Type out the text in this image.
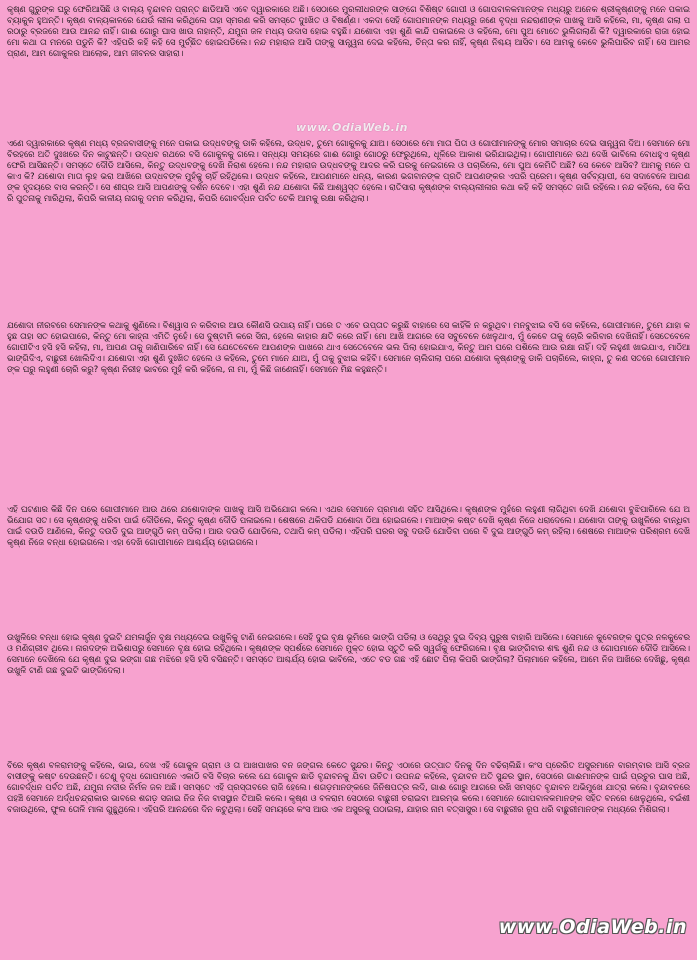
କୃଷ୍ଣ ଗୁରୁଙ୍କ ଘରୁ ଫେରିଆସିଛି ଓ ବାଲ୍ୟ ବୃନ୍ଦାବନ ପ୍ରାନ୍ତ ଛାଡିଆସି ଏବେ ଦ୍ୱାରକାରେ ଅଛି। ସେଠାରେ ମୁରଲୀଧରଙ୍କ ସାଙ୍ଗେ ବିଶିଷ୍ଟ ଗୋପୀ ଓ ଗୋପବାଳକମାନଙ୍କ ମଧ୍ୟରୁ ଅନେକ ଶ୍ରୀକୃଷ୍ଣଙ୍କୁ ମନେ ପକାଇ ବ୍ୟାକୁଳ ହୁଅନ୍ତି। କୃଷ୍ଣ ବାଳ୍ୟକାଳରେ ଯେଉଁ ଲୀଳା କରିଥିଲେ ତାହା ସ୍ମରଣ କରି ସମସ୍ତେ ଦୁଃଖିତ ଓ ବିଷର୍ଣ୍ଣ। ଏକଦା ସେହି ଗୋପମାନଙ୍କ ମଧ୍ୟରୁ ଜଣେ ବୃଦ୍ଧା ନନ୍ଦରାଣୀଙ୍କ ପାଖକୁ ଆସି କହିଲେ, ମା, କୃଷ୍ଣ ଗଲା ପରଠାରୁ ବ୍ରଜରେ ଆଉ ଆନନ୍ଦ ନାହିଁ। ଗାଈ ଗୋରୁ ଘାସ ଖାଉ ନାହାନ୍ତି, ଯମୁନା ଜଳ ମଧ୍ୟ ଉଦାସ ହୋଇ ବହୁଛି। ଯଶୋଦା ଏହା ଶୁଣି କାନ୍ଦି ପକାଇଲେ ଓ କହିଲେ, ମୋ ପୁଅ ମୋତେ ଭୁଲିଗଲାଣି କି? ଦ୍ୱାରକାରେ ରାଜା ହୋଇ ମୋ କଥା ତା ମନରେ ପଡୁନି କି? ଏହିପରି କହି କହି ସେ ମୁର୍ଚ୍ଛିତ ହୋଇପଡିଲେ। ନନ୍ଦ ମହାରାଜ ଆସି ତାଙ୍କୁ ସାନ୍ତ୍ୱନା ଦେଇ କହିଲେ, ଚିନ୍ତା କର ନାହିଁ, କୃଷ୍ଣ ନିଶ୍ଚୟ ଆସିବ। ସେ ଆମକୁ କେବେ ଭୁଲିପାରିବ ନାହିଁ। ସେ ଆମର ପ୍ରାଣ, ଆମ ଗୋକୁଳର ଆଲୋକ, ଆମ ଜୀବନର ସାହାରା।

ଏଣେ ଦ୍ୱାରକାରେ କୃଷ୍ଣ ମଧ୍ୟ ବ୍ରଜବାସୀଙ୍କୁ ମନେ ପକାଇ ଉଦ୍ଧବଙ୍କୁ ଡାକି କହିଲେ, ଉଦ୍ଧବ, ତୁମେ ଗୋକୁଳକୁ ଯାଅ। ସେଠାରେ ମୋ ମାତା ପିତା ଓ ଗୋପୀମାନଙ୍କୁ ମୋର ସମାଚାର ଦେଇ ସାନ୍ତ୍ୱନା ଦିଅ। ସେମାନେ ମୋ ବିରହରେ ଅତି ଦୁଃଖରେ ଦିନ କାଟୁଛନ୍ତି। ଉଦ୍ଧବ ରଥରେ ବସି ଗୋକୁଳକୁ ଗଲେ। ସନ୍ଧ୍ୟା ସମୟରେ ଗାଈ ଗୋରୁ ଗୋଠରୁ ଫେରୁଥିଲେ, ଧୂଳିରେ ଆକାଶ ଭରିଯାଇଥିଲା। ଗୋପୀମାନେ ରଥ ଦେଖି ଭାବିଲେ ବୋଧହୁଏ କୃଷ୍ଣ ଫେରି ଆସିଛନ୍ତି। ସମସ୍ତେ ଦୌଡି ଆସିଲେ, କିନ୍ତୁ ଉଦ୍ଧବଙ୍କୁ ଦେଖି ନିରାଶ ହେଲେ। ନନ୍ଦ ମହାରାଜ ଉଦ୍ଧବଙ୍କୁ ଆଦର କରି ଘରକୁ ନେଇଗଲେ ଓ ପଚାରିଲେ, ମୋ ପୁଅ କେମିତି ଅଛି? ସେ କେବେ ଆସିବ? ଆମକୁ ମନେ ପକାଏ କି? ଯଶୋଦା ମାତା ଲୁହ ଭରା ଆଖିରେ ଉଦ୍ଧବଙ୍କ ମୁହଁକୁ ଚାହିଁ ରହିଥିଲେ। ଉଦ୍ଧବ କହିଲେ, ଆପଣମାନେ ଧନ୍ୟ, କାରଣ ଭଗବାନଙ୍କ ପ୍ରତି ଆପଣଙ୍କର ଏପରି ପ୍ରେମ। କୃଷ୍ଣ ସର୍ବବ୍ୟାପୀ, ସେ ସଦାବେଳେ ଆପଣଙ୍କ ହୃଦୟରେ ବାସ କରନ୍ତି। ସେ ଶୀଘ୍ର ଆସି ଆପଣଙ୍କୁ ଦର୍ଶନ ଦେବେ। ଏହା ଶୁଣି ନନ୍ଦ ଯଶୋଦା କିଛି ଆଶ୍ୱସ୍ତ ହେଲେ। ରାତିସାରା କୃଷ୍ଣଙ୍କ ବାଲ୍ୟଲୀଳାର କଥା କହି କହି ସମସ୍ତେ ଜାଗି ରହିଲେ। ନନ୍ଦ କହିଲେ, ସେ କିପରି ପୁତନାକୁ ମାରିଥିଲା, କିପରି କାଳୀୟ ନାଗକୁ ଦମନ କରିଥିଲା, କିପରି ଗୋବର୍ଦ୍ଧନ ପର୍ବତ ଟେକି ଆମକୁ ରକ୍ଷା କରିଥିଲା।

ଯଶୋଦା ନୀରବରେ ସେମାନଙ୍କ କଥାକୁ ଶୁଣିଲେ। ବିଶ୍ୱାସ ନ କରିବାର ଆଉ କୌଣସି ଉପାୟ ନାହିଁ। ଘରେ ତ ଏବେ ଉପ୍ତାତ କରୁଛି ବାହାରେ ସେ କାହିଁକି ନ କରୁଥିବ। ମନବୁଝାଇ ବସି ସେ କହିଲେ, ଗୋପୀମାନେ, ତୁମେ ଯାହା କହୁଛ ତାହା ସତ ହୋଇପାରେ, କିନ୍ତୁ ମୋ କାହ୍ନା ଏମିତି ନୁହେଁ। ସେ ଦୁଷ୍ଟାମି କରେ ସିନା, ହେଲେ କାହାର କ୍ଷତି କରେ ନାହିଁ। ମୋ ଆଖି ଆଗରେ ସେ ସବୁବେଳେ ଖେଳୁଥାଏ, ମୁଁ କେବେ ତାକୁ ଚୋରି କରିବାର ଦେଖିନାହିଁ। ସେତେବେଳେ ଗୋପୀଟିଏ ହସି ହସି କହିଲା, ମା, ଆପଣ ତାକୁ ଜାଣିପାରିବେ ନାହିଁ। ସେ ଯେତେବେଳେ ଆପଣଙ୍କ ପାଖରେ ଥାଏ ସେତେବେଳେ ଭଲ ପିଲା ହୋଇଯାଏ, କିନ୍ତୁ ଆମ ଘରେ ପଶିଲେ ଆଉ ରକ୍ଷା ନାହିଁ। ଦହି ଲହୁଣୀ ଖାଇଯାଏ, ମାଠିଆ ଭାଙ୍ଗିଦିଏ, ବାଛୁରୀ ଖୋଲିଦିଏ। ଯଶୋଦା ଏହା ଶୁଣି ଦୁଃଖିତ ହେଲେ ଓ କହିଲେ, ତୁମେ ମାନେ ଯାଅ, ମୁଁ ତାକୁ ବୁଝାଇ କହିବି। ସେମାନେ ଚାଲିଗଲା ପରେ ଯଶୋଦା କୃଷ୍ଣଙ୍କୁ ଡାକି ପଚାରିଲେ, କାହ୍ନା, ତୁ କଣ ସତରେ ଗୋପୀମାନଙ୍କ ଘରୁ ଲହୁଣୀ ଚୋରି କରୁ? କୃଷ୍ଣ ନିରୀହ ଭାବରେ ମୁହଁ କରି କହିଲେ, ନା ମା, ମୁଁ କିଛି ଜାଣେନାହିଁ। ସେମାନେ ମିଛ କହୁଛନ୍ତି।

ଏହି ଘଟଣାର କିଛି ଦିନ ପରେ ଗୋପୀମାନେ ଆଉ ଥରେ ଯଶୋଦାଙ୍କ ପାଖକୁ ଆସି ଅଭିଯୋଗ କଲେ। ଏଥର ସେମାନେ ପ୍ରମାଣ ସହିତ ଆସିଥିଲେ। କୃଷ୍ଣଙ୍କ ମୁହଁରେ ଲହୁଣୀ ଲାଗିଥିବା ଦେଖି ଯଶୋଦା ବୁଝିପାରିଲେ ଯେ ଅଭିଯୋଗ ସତ। ସେ କୃଷ୍ଣଙ୍କୁ ଧରିବା ପାଇଁ ଦୌଡିଲେ, କିନ୍ତୁ କୃଷ୍ଣ ଦୌଡି ପଳାଇଲେ। ଶେଷରେ ଥକିପଡି ଯଶୋଦା ଠିଆ ହୋଇଗଲେ। ମାଆଙ୍କ କଷ୍ଟ ଦେଖି କୃଷ୍ଣ ନିଜେ ଧରାଦେଲେ। ଯଶୋଦା ତାଙ୍କୁ ଉଖୁଳିରେ ବାନ୍ଧିବା ପାଇଁ ଦଉଡି ଆଣିଲେ, କିନ୍ତୁ ଦଉଡି ଦୁଇ ଆଙ୍ଗୁଠି କମ୍ ପଡିଲା। ଆଉ ଦଉଡି ଯୋଡିଲେ, ତଥାପି କମ୍ ପଡିଲା। ଏହିପରି ଘରର ସବୁ ଦଉଡି ଯୋଡିବା ପରେ ବି ଦୁଇ ଆଙ୍ଗୁଠି କମ୍ ରହିଲା। ଶେଷରେ ମାଆଙ୍କ ପରିଶ୍ରମ ଦେଖି କୃଷ୍ଣ ନିଜେ ବନ୍ଧା ହୋଇଗଲେ। ଏହା ଦେଖି ଗୋପୀମାନେ ଆଶ୍ଚର୍ଯ୍ୟ ହୋଇଗଲେ।

ଉଖୁଳିରେ ବନ୍ଧା ହୋଇ କୃଷ୍ଣ ଦୁଇଟି ଯମଳାର୍ଜୁନ ବୃକ୍ଷ ମଧ୍ୟଦେଇ ଉଖୁଳିକୁ ଟାଣି ନେଇଗଲେ। ସେହି ଦୁଇ ବୃକ୍ଷ ଭୂମିରେ ଭାଙ୍ଗି ପଡିଲା ଓ ସେଥିରୁ ଦୁଇ ଦିବ୍ୟ ପୁରୁଷ ବାହାରି ଆସିଲେ। ସେମାନେ କୁବେରଙ୍କ ପୁତ୍ର ନଳକୁବେର ଓ ମଣିଗ୍ରୀବ ଥିଲେ। ନାରଦଙ୍କ ଅଭିଶାପରୁ ସେମାନେ ବୃକ୍ଷ ହୋଇ ରହିଥିଲେ। କୃଷ୍ଣଙ୍କ ସ୍ପର୍ଶରେ ସେମାନେ ମୁକ୍ତ ହୋଇ ସ୍ତୁତି କରି ସ୍ୱର୍ଗକୁ ଫେରିଗଲେ। ବୃକ୍ଷ ଭାଙ୍ଗିବାର ଶବ୍ଦ ଶୁଣି ନନ୍ଦ ଓ ଗୋପମାନେ ଦୌଡି ଆସିଲେ। ସେମାନେ ଦେଖିଲେ ଯେ କୃଷ୍ଣ ଦୁଇ ଭଙ୍ଗା ଗଛ ମଝିରେ ହସି ହସି ବସିଛନ୍ତି। ସମସ୍ତେ ଆଶ୍ଚର୍ଯ୍ୟ ହୋଇ ଭାବିଲେ, ଏତେ ବଡ ଗଛ ଏହି ଛୋଟ ପିଲା କିପରି ଭାଙ୍ଗିଲା? ପିଲାମାନେ କହିଲେ, ଆମେ ନିଜ ଆଖିରେ ଦେଖିଛୁ, କୃଷ୍ଣ ଉଖୁଳି ଟାଣି ଗଛ ଦୁଇଟି ଭାଙ୍ଗିଦେଲା।

ବିରେ କୃଷ୍ଣ ବଳରାମଙ୍କୁ କହିଲେ, ଭାଇ, ଦେଖ ଏହି ଗୋକୁଳ ଗ୍ରାମ ଓ ତା ଆଖପାଖର ବନ ଜଙ୍ଗଲ କେତେ ସୁନ୍ଦର। କିନ୍ତୁ ଏଠାରେ ଉତ୍ପାତ ଦିନକୁ ଦିନ ବଢିଚାଲିଛି। କଂସ ପ୍ରେରିତ ଅସୁରମାନେ ବାରମ୍ବାର ଆସି ବ୍ରଜବାସୀଙ୍କୁ କଷ୍ଟ ଦେଉଛନ୍ତି। ତେଣୁ ବୃଦ୍ଧ ଗୋପମାନେ ଏକାଠି ବସି ବିଚାର କଲେ ଯେ ଗୋକୁଳ ଛାଡି ବୃନ୍ଦାବନକୁ ଯିବା ଉଚିତ। ଉପନନ୍ଦ କହିଲେ, ବୃନ୍ଦାବନ ଅତି ସୁନ୍ଦର ସ୍ଥାନ, ସେଠାରେ ଗାଈମାନଙ୍କ ପାଇଁ ପ୍ରଚୁର ଘାସ ଅଛି, ଗୋବର୍ଦ୍ଧନ ପର୍ବତ ଅଛି, ଯମୁନା ନଦୀର ନିର୍ମଳ ଜଳ ଅଛି। ସମସ୍ତେ ଏହି ପ୍ରସ୍ତାବରେ ରାଜି ହେଲେ। ଶଗଡ଼ମାନଙ୍କରେ ଜିନିଷପତ୍ର ଲଦି, ଗାଈ ଗୋରୁ ଆଗରେ ରଖି ସମସ୍ତେ ବୃନ୍ଦାବନ ଅଭିମୁଖେ ଯାତ୍ରା କଲେ। ବୃନ୍ଦାବନରେ ପହଞ୍ଚି ସେମାନେ ଅର୍ଦ୍ଧଚନ୍ଦ୍ରାକାର ଭାବରେ ଶଗଡ଼ ସଜାଇ ନିଜ ନିଜ ବାସସ୍ଥାନ ତିଆରି କଲେ। କୃଷ୍ଣ ଓ ବଳରାମ ସେଠାରେ ବାଛୁରୀ ଚରାଇବା ଆରମ୍ଭ କଲେ। ସେମାନେ ଗୋପବାଳକମାନଙ୍କ ସହିତ ବନରେ ଖେଳୁଥିଲେ, ବଇଁଶୀ ବଜାଉଥିଲେ, ଫୁଲ ତୋଳି ମାଳା ଗୁନ୍ଥୁଥିଲେ। ଏହିପରି ଆନନ୍ଦରେ ଦିନ କଟୁଥିଲା। ସେହି ସମୟରେ କଂସ ଆଉ ଏକ ଅସୁରକୁ ପଠାଇଲା, ଯାହାର ନାମ ବତ୍ସାସୁର। ସେ ବାଛୁରୀର ରୂପ ଧରି ବାଛୁରୀମାନଙ୍କ ମଧ୍ୟରେ ମିଶିଗଲା।

www.OdiaWeb.in
www.OdiaWeb.in
